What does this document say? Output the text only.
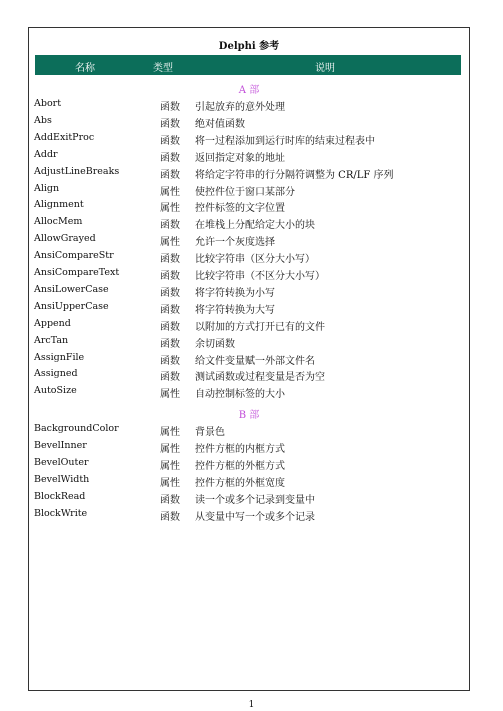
Delphi 参考
名称	类型	说明
A 部
Abort	函数 引起放弃的意外处理
Abs	函数 绝对值函数
AddExitProc	函数 将一过程添加到运行时库的结束过程表中
Addr	函数 返回指定对象的地址
AdjustLineBreaks	函数 将给定字符串的行分隔符调整为 CR/LF 序列
Align	属性 使控件位于窗口某部分
Alignment	属性 控件标签的文字位置
AllocMem	函数 在堆栈上分配给定大小的块
AllowGrayed	属性 允许一个灰度选择
AnsiCompareStr	函数 比较字符串（区分大小写）
AnsiCompareText	函数 比较字符串（不区分大小写）
AnsiLowerCase	函数 将字符转换为小写
AnsiUpperCase	函数 将字符转换为大写
Append	函数 以附加的方式打开已有的文件
ArcTan	函数 余切函数
AssignFile	函数 给文件变量赋一外部文件名
Assigned	函数 测试函数或过程变量是否为空
AutoSize	属性 自动控制标签的大小
B 部
BackgroundColor	属性 背景色
BevelInner	属性 控件方框的内框方式
BevelOuter	属性 控件方框的外框方式
BevelWidth	属性 控件方框的外框宽度
BlockRead	函数 读一个或多个记录到变量中
BlockWrite	函数 从变量中写一个或多个记录
1
